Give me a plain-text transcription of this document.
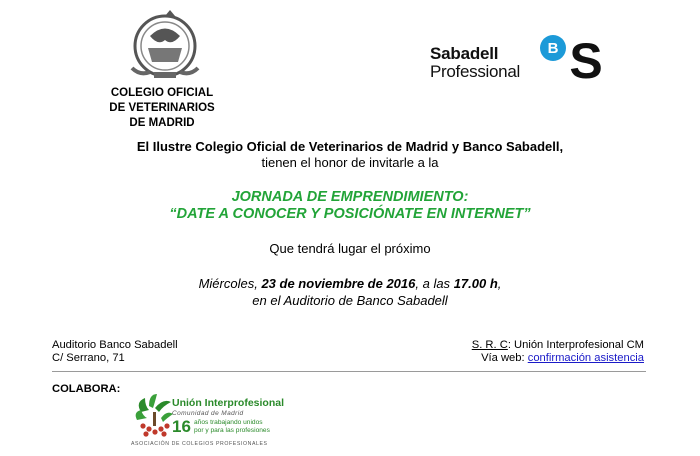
COLEGIO OFICIAL
DE VETERINARIOS
DE MADRID
Sabadell
Professional
B S
El Ilustre Colegio Oficial de Veterinarios de Madrid y Banco Sabadell,
tienen el honor de invitarle a la
JORNADA DE EMPRENDIMIENTO:
“DATE A CONOCER Y POSICIÓNATE EN INTERNET”
Que tendrá lugar el próximo
Miércoles, 23 de noviembre de 2016, a las 17.00 h,
en el Auditorio de Banco Sabadell
Auditorio Banco Sabadell
C/ Serrano, 71
S. R. C: Unión Interprofesional CM
Vía web: confirmación asistencia
COLABORA:
Unión Interprofesional
Comunidad de Madrid
16 años trabajando unidos
por y para las profesiones
ASOCIACIÓN DE COLEGIOS PROFESIONALES
